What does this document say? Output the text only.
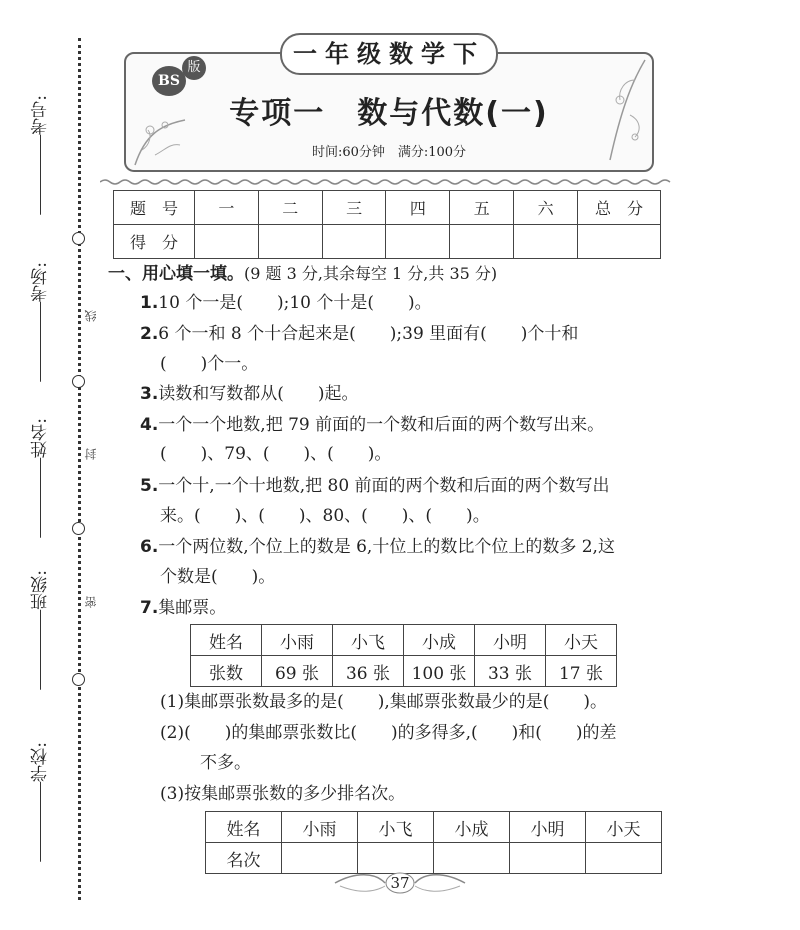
考号:
考场:
姓名:
班级:
学校:
线
封
密
一年级数学下
BS
版
专项一　数与代数(一)
时间:60分钟　满分:100分
题　号	一	二	三	四	五	六	总　分
得　分							
一、用心填一填。(9 题 3 分,其余每空 1 分,共 35 分)
1.10 个一是(　　);10 个十是(　　)。
2.6 个一和 8 个十合起来是(　　);39 里面有(　　)个十和
(　　)个一。
3.读数和写数都从(　　)起。
4.一个一个地数,把 79 前面的一个数和后面的两个数写出来。
(　　)、79、(　　)、(　　)。
5.一个十,一个十地数,把 80 前面的两个数和后面的两个数写出
来。(　　)、(　　)、80、(　　)、(　　)。
6.一个两位数,个位上的数是 6,十位上的数比个位上的数多 2,这
个数是(　　)。
7.集邮票。
姓名	小雨	小飞	小成	小明	小天
张数	69 张	36 张	100 张	33 张	17 张
(1)集邮票张数最多的是(　　),集邮票张数最少的是(　　)。
(2)(　　)的集邮票张数比(　　)的多得多,(　　)和(　　)的差
不多。
(3)按集邮票张数的多少排名次。
姓名	小雨	小飞	小成	小明	小天
名次					
37
